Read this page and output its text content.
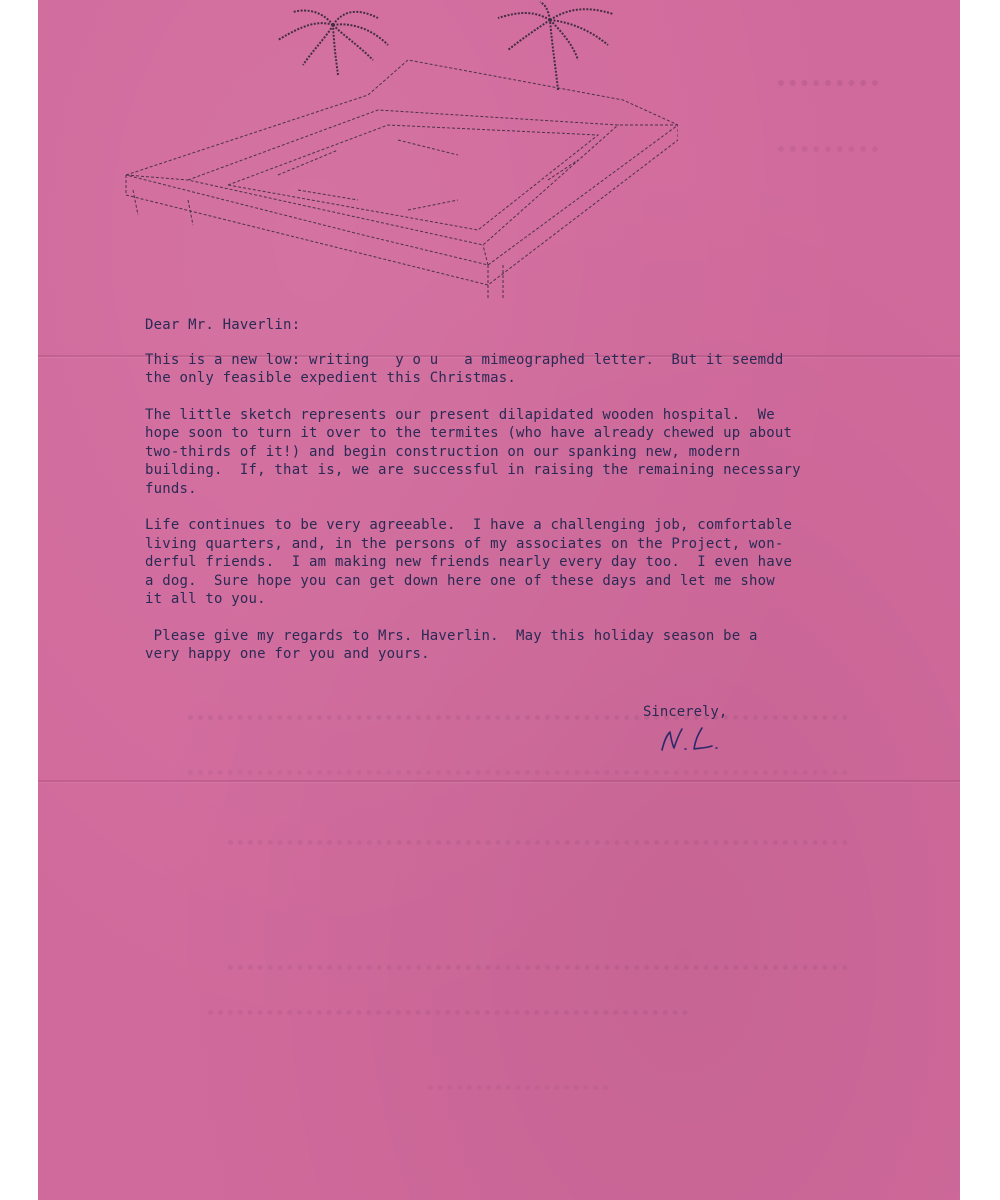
Dear Mr. Haverlin:

This is a new low: writing   y o u   a mimeographed letter.  But it seemdd
the only feasible expedient this Christmas.

The little sketch represents our present dilapidated wooden hospital.  We
hope soon to turn it over to the termites (who have already chewed up about
two-thirds of it!) and begin construction on our spanking new, modern
building.  If, that is, we are successful in raising the remaining necessary
funds.

Life continues to be very agreeable.  I have a challenging job, comfortable
living quarters, and, in the persons of my associates on the Project, won-
derful friends.  I am making new friends nearly every day too.  I even have
a dog.  Sure hope you can get down here one of these days and let me show
it all to you.

Please give my regards to Mrs. Haverlin.  May this holiday season be a
very happy one for you and yours.

Sincerely,
